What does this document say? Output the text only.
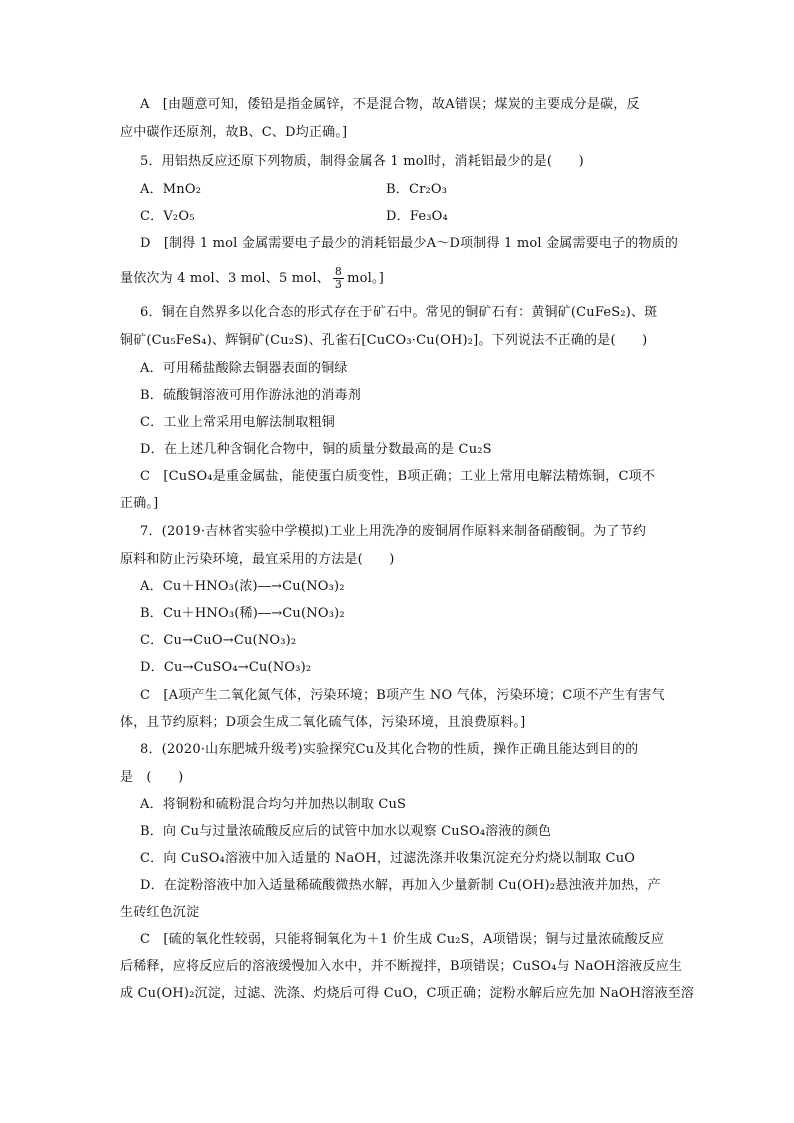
A　[由题意可知，倭铅是指金属锌，不是混合物，故A错误；煤炭的主要成分是碳，反
应中碳作还原剂，故B、C、D均正确。]
5．用铝热反应还原下列物质，制得金属各 1 mol时，消耗铝最少的是(　　)
A．MnO₂	B．Cr₂O₃
C．V₂O₅	D．Fe₃O₄
D　[制得 1 mol 金属需要电子最少的消耗铝最少A～D项制得 1 mol 金属需要电子的物质的
量依次为 4 mol、3 mol、5 mol、 $\frac{8}{3}$ mol。]
6．铜在自然界多以化合态的形式存在于矿石中。常见的铜矿石有：黄铜矿(CuFeS₂)、斑
铜矿(Cu₅FeS₄)、辉铜矿(Cu₂S)、孔雀石[CuCO₃·Cu(OH)₂]。下列说法不正确的是(　　)
A．可用稀盐酸除去铜器表面的铜绿
B．硫酸铜溶液可用作游泳池的消毒剂
C．工业上常采用电解法制取粗铜
D．在上述几种含铜化合物中，铜的质量分数最高的是 Cu₂S
C　[CuSO₄是重金属盐，能使蛋白质变性，B项正确；工业上常用电解法精炼铜，C项不
正确。]
7．(2019·吉林省实验中学模拟)工业上用洗净的废铜屑作原料来制备硝酸铜。为了节约
原料和防止污染环境，最宜采用的方法是(　　)
A．Cu＋HNO₃(浓)―→Cu(NO₃)₂
B．Cu＋HNO₃(稀)―→Cu(NO₃)₂
C．Cu→CuO→Cu(NO₃)₂
D．Cu→CuSO₄→Cu(NO₃)₂
C　[A项产生二氧化氮气体，污染环境；B项产生 NO 气体，污染环境；C项不产生有害气
体，且节约原料；D项会生成二氧化硫气体，污染环境，且浪费原料。]
8．(2020·山东肥城升级考)实验探究Cu及其化合物的性质，操作正确且能达到目的的
是　(　　)
A．将铜粉和硫粉混合均匀并加热以制取 CuS
B．向 Cu与过量浓硫酸反应后的试管中加水以观察 CuSO₄溶液的颜色
C．向 CuSO₄溶液中加入适量的 NaOH，过滤洗涤并收集沉淀充分灼烧以制取 CuO
D．在淀粉溶液中加入适量稀硫酸微热水解，再加入少量新制 Cu(OH)₂悬浊液并加热，产
生砖红色沉淀
C　[硫的氧化性较弱，只能将铜氧化为＋1 价生成 Cu₂S，A项错误；铜与过量浓硫酸反应
后稀释，应将反应后的溶液缓慢加入水中，并不断搅拌，B项错误；CuSO₄与 NaOH溶液反应生
成 Cu(OH)₂沉淀，过滤、洗涤、灼烧后可得 CuO，C项正确；淀粉水解后应先加 NaOH溶液至溶
